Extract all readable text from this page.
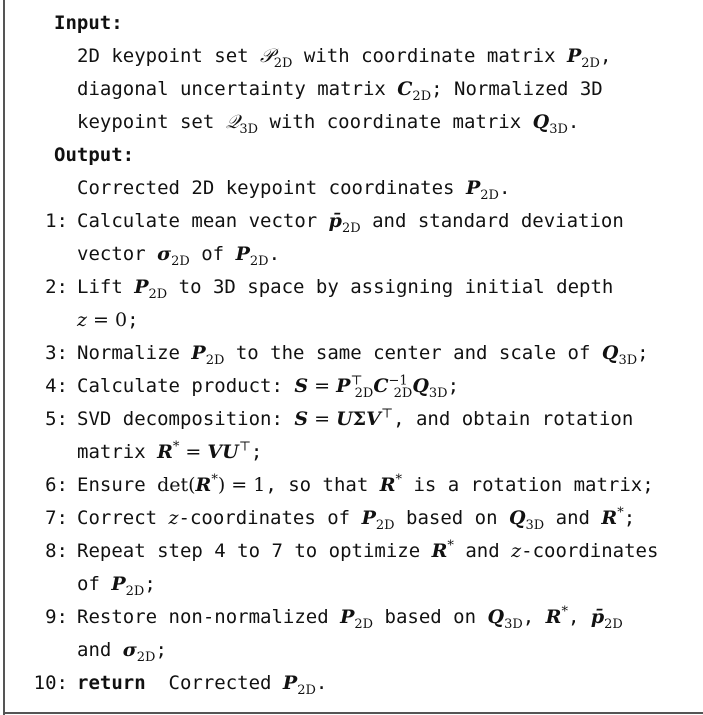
Input:
2D keypoint set 𝒫$_{2D}$ with coordinate matrix $P_{2D}$,
diagonal uncertainty matrix $C_{2D}$; Normalized 3D
keypoint set 𝒬$_{3D}$ with coordinate matrix $Q_{3D}$.
Output:
Corrected 2D keypoint coordinates $P_{2D}$.
1: Calculate mean vector $p̄_{2D}$ and standard deviation
vector $\sigma_{2D}$ of $P_{2D}$.
2: Lift $P_{2D}$ to 3D space by assigning initial depth
z = 0;
3: Normalize $P_{2D}$ to the same center and scale of $Q_{3D}$;
4: Calculate product: $S = P^⊤_{2D}C^{-1}_{2D}Q_{3D}$;
5: SVD decomposition: S = UΣV⊤, and obtain rotation
matrix R* = VU⊤;
6: Ensure det(R*) = 1, so that R* is a rotation matrix;
7: Correct z-coordinates of $P_{2D}$ based on $Q_{3D}$ and R*;
8: Repeat step 4 to 7 to optimize R* and z-coordinates
of $P_{2D}$;
9: Restore non-normalized $P_{2D}$ based on $Q_{3D}$, R*, $p̄_{2D}$
and $\sigma_{2D}$;
10: return  Corrected $P_{2D}$.
